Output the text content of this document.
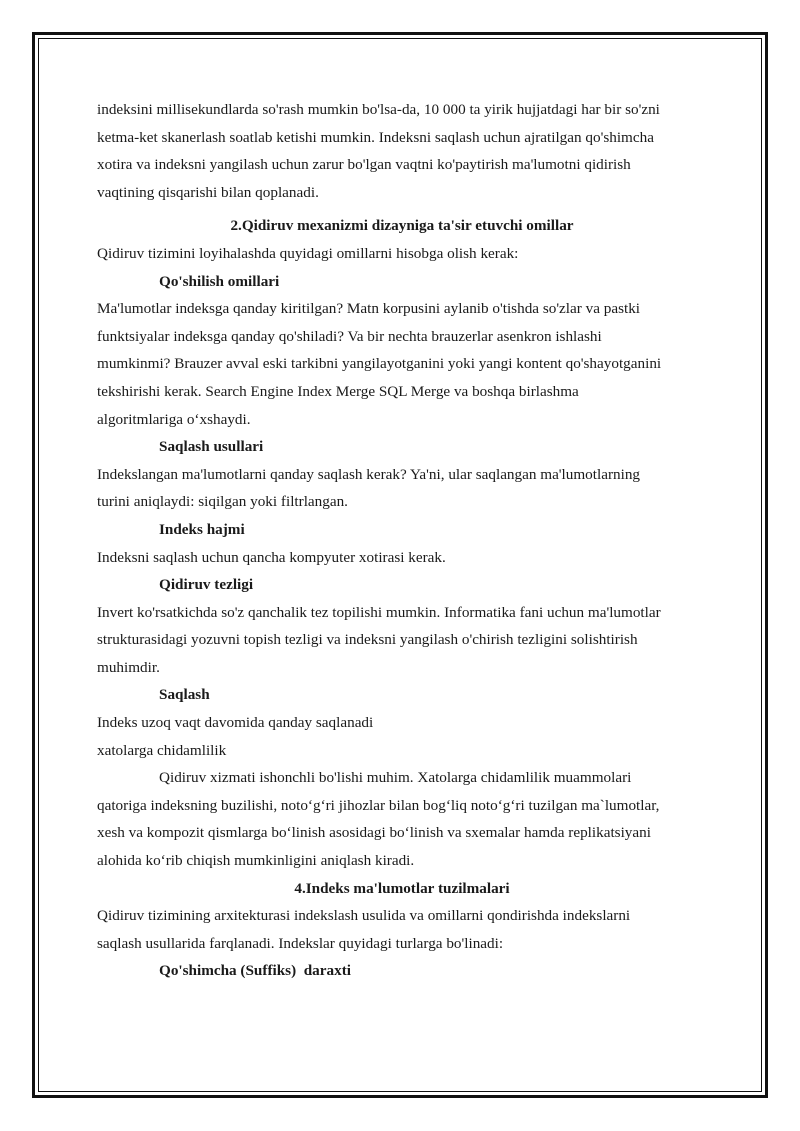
indeksini millisekundlarda so'rash mumkin bo'lsa-da, 10 000 ta yirik hujjatdagi har bir so'zni
ketma-ket skanerlash soatlab ketishi mumkin. Indeksni saqlash uchun ajratilgan qo'shimcha
xotira va indeksni yangilash uchun zarur bo'lgan vaqtni ko'paytirish ma'lumotni qidirish
vaqtining qisqarishi bilan qoplanadi.

2.Qidiruv mexanizmi dizayniga ta'sir etuvchi omillar

Qidiruv tizimini loyihalashda quyidagi omillarni hisobga olish kerak:

Qo'shilish omillari

Ma'lumotlar indeksga qanday kiritilgan? Matn korpusini aylanib o'tishda so'zlar va pastki
funktsiyalar indeksga qanday qo'shiladi? Va bir nechta brauzerlar asenkron ishlashi
mumkinmi? Brauzer avval eski tarkibni yangilayotganini yoki yangi kontent qo'shayotganini
tekshirishi kerak. Search Engine Index Merge SQL Merge va boshqa birlashma
algoritmlariga o‘xshaydi.

Saqlash usullari

Indekslangan ma'lumotlarni qanday saqlash kerak? Ya'ni, ular saqlangan ma'lumotlarning
turini aniqlaydi: siqilgan yoki filtrlangan.

Indeks hajmi

Indeksni saqlash uchun qancha kompyuter xotirasi kerak.

Qidiruv tezligi

Invert ko'rsatkichda so'z qanchalik tez topilishi mumkin. Informatika fani uchun ma'lumotlar
strukturasidagi yozuvni topish tezligi va indeksni yangilash o'chirish tezligini solishtirish
muhimdir.

Saqlash

Indeks uzoq vaqt davomida qanday saqlanadi

xatolarga chidamlilik

Qidiruv xizmati ishonchli bo'lishi muhim. Xatolarga chidamlilik muammolari
qatoriga indeksning buzilishi, noto‘g‘ri jihozlar bilan bog‘liq noto‘g‘ri tuzilgan ma`lumotlar,
xesh va kompozit qismlarga bo‘linish asosidagi bo‘linish va sxemalar hamda replikatsiyani
alohida ko‘rib chiqish mumkinligini aniqlash kiradi.

4.Indeks ma'lumotlar tuzilmalari

Qidiruv tizimining arxitekturasi indekslash usulida va omillarni qondirishda indekslarni
saqlash usullarida farqlanadi. Indekslar quyidagi turlarga bo'linadi:

Qo'shimcha (Suffiks)  daraxti
